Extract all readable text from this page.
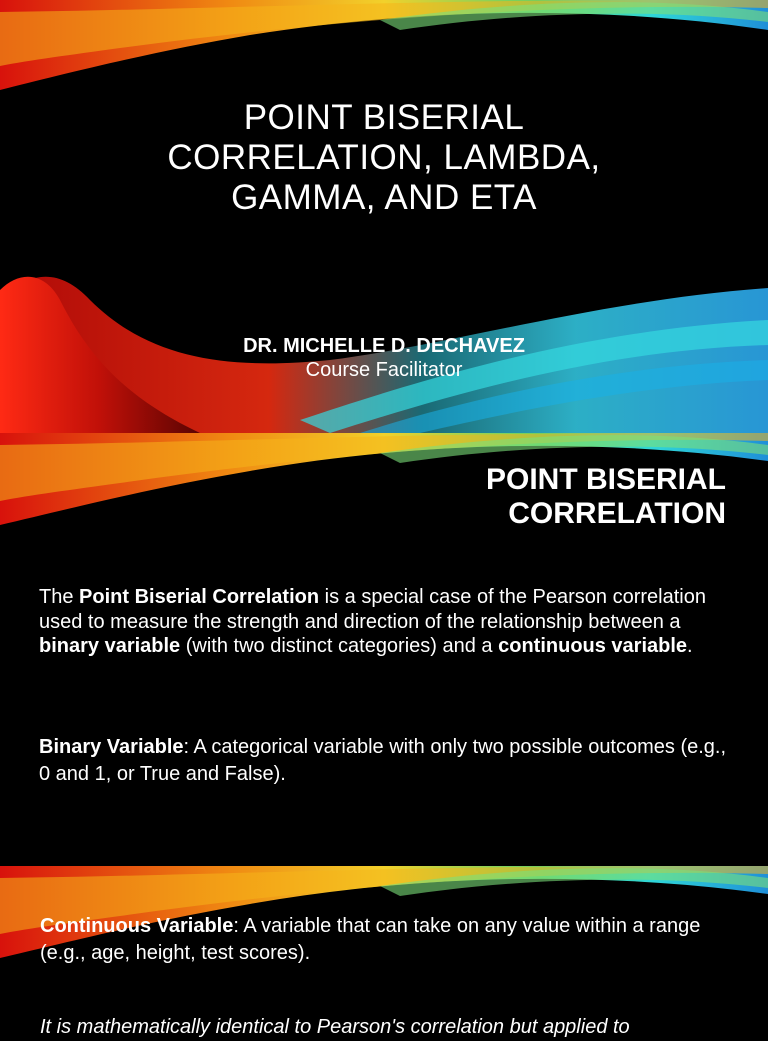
POINT BISERIAL
CORRELATION, LAMBDA,
GAMMA, AND ETA
DR. MICHELLE D. DECHAVEZ
Course Facilitator
POINT BISERIAL
CORRELATION
The Point Biserial Correlation is a special case of the Pearson correlation used to measure the strength and direction of the relationship between a binary variable (with two distinct categories) and a continuous variable.
Binary Variable: A categorical variable with only two possible outcomes (e.g., 0 and 1, or True and False).
Continuous Variable: A variable that can take on any value within a range (e.g., age, height, test scores).
It is mathematically identical to Pearson's correlation but applied to
